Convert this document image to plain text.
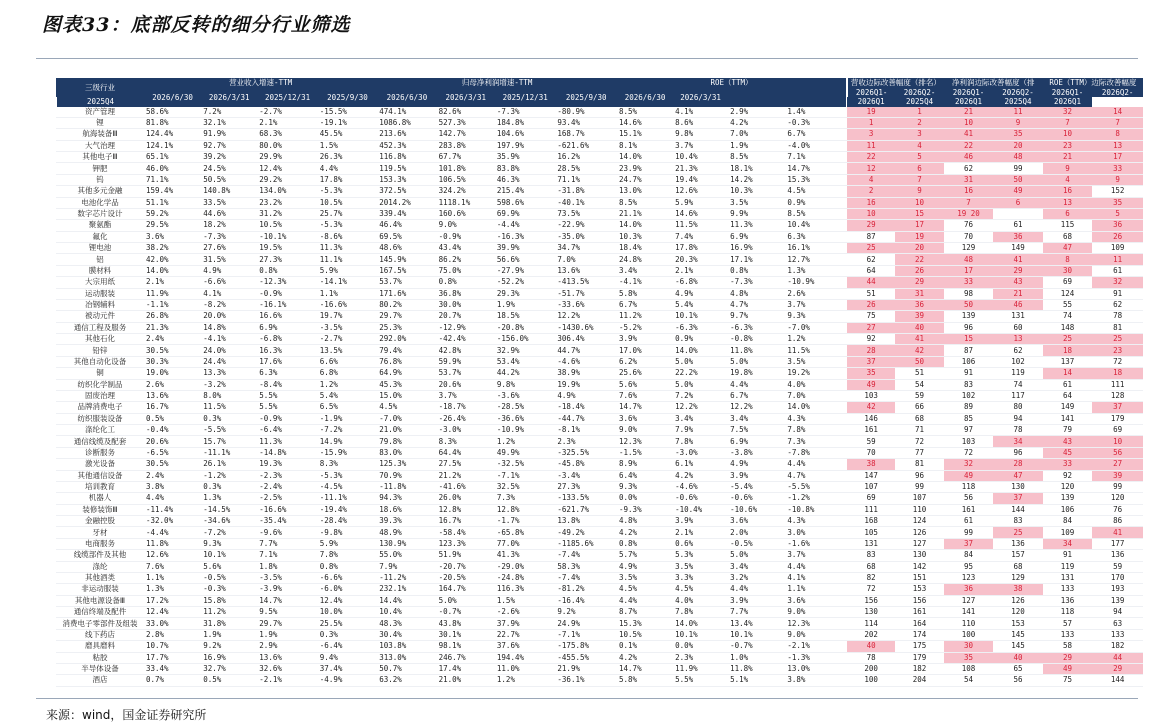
图表33：底部反转的细分行业筛选
三级行业	营业收入增速-TTM				归母净利润增速-TTM				ROE（TTM）				营收边际改善幅度（排名）		净利润边际改善幅度（排		ROE（TTM）边际改善幅度	
	2026/6/30	2026/3/31	2025/12/31	2025/9/30	2026/6/30	2026/3/31	2025/12/31	2025/9/30	2026/6/30	2026/3/31			2026Q1-	2026Q2-	2026Q1-	2026Q2-	2026Q1-	2026Q2-
2025Q4													2026Q1	2025Q4	2026Q1	2025Q4	2026Q1	
资产管理	58.6%	7.2%	-2.7%	-15.5%	474.1%	82.6%	-7.3%	-80.9%	8.5%	4.1%	2.9%	1.4%	19	1	21	11	32	14
锂	81.8%	32.1%	2.1%	-19.1%	1086.8%	527.3%	184.8%	93.4%	14.6%	8.6%	4.2%	-0.3%	1	2	10	9	7	7
航海装备Ⅲ	124.4%	91.9%	68.3%	45.5%	213.6%	142.7%	104.6%	168.7%	15.1%	9.8%	7.0%	6.7%	3	3	41	35	10	8
大气治理	124.1%	92.7%	80.0%	1.5%	452.3%	283.8%	197.9%	-621.6%	8.1%	3.7%	1.9%	-4.0%	11	4	22	20	23	13
其他电子Ⅲ	65.1%	39.2%	29.9%	26.3%	116.8%	67.7%	35.9%	16.2%	14.0%	10.4%	8.5%	7.1%	22	5	46	48	21	17
钾肥	46.0%	24.5%	12.4%	4.4%	119.5%	101.8%	83.8%	28.5%	23.9%	21.3%	18.1%	14.7%	12	6	62	99	9	33
钨	71.1%	50.5%	29.2%	17.8%	153.3%	106.5%	46.3%	71.1%	24.7%	19.4%	14.2%	15.3%	4	7	31	50	4	9
其他多元金融	159.4%	140.8%	134.0%	-5.3%	372.5%	324.2%	215.4%	-31.8%	13.0%	12.6%	10.3%	4.5%	2	9	16	49	16	152
电池化学品	51.1%	33.5%	23.2%	10.5%	2014.2%	1118.1%	598.6%	-40.1%	8.5%	5.9%	3.5%	0.9%	16	10	7	6	13	35
数字芯片设计	59.2%	44.6%	31.2%	25.7%	339.4%	160.6%	69.9%	73.5%	21.1%	14.6%	9.9%	8.5%	10	15	19 20		6	5
聚氨酯	29.5%	18.2%	10.5%	-5.3%	46.4%	9.0%	-4.4%	-22.9%	14.0%	11.5%	11.3%	10.4%	29	17	76	61	115	36
氟化	3.6%	-7.3%	-10.1%	-8.6%	69.5%	-0.9%	-16.3%	-35.0%	10.3%	7.4%	6.9%	6.3%	87	19	70	36	68	26
锂电池	38.2%	27.6%	19.5%	11.3%	48.6%	43.4%	39.9%	34.7%	18.4%	17.8%	16.9%	16.1%	25	20	129	149	47	109
铝	42.0%	31.5%	27.3%	11.1%	145.9%	86.2%	56.6%	7.0%	24.8%	20.3%	17.1%	12.7%	62	22	48	41	8	11
膜材料	14.0%	4.9%	0.8%	5.9%	167.5%	75.0%	-27.9%	13.6%	3.4%	2.1%	0.8%	1.3%	64	26	17	29	30	61
大宗用纸	2.1%	-6.6%	-12.3%	-14.1%	53.7%	0.8%	-52.2%	-413.5%	-4.1%	-6.8%	-7.3%	-10.9%	44	29	33	43	69	32
运动服装	11.9%	4.1%	-0.9%	1.1%	171.6%	36.8%	29.3%	-51.7%	5.8%	4.9%	4.8%	2.6%	51	31	98	21	124	91
冶钢辅料	-1.1%	-8.2%	-16.1%	-16.6%	80.2%	30.0%	1.9%	-33.6%	6.7%	5.4%	4.7%	3.7%	26	36	50	46	55	62
被动元件	26.8%	20.0%	16.6%	19.7%	29.7%	20.7%	18.5%	12.2%	11.2%	10.1%	9.7%	9.3%	75	39	139	131	74	78
通信工程及服务	21.3%	14.8%	6.9%	-3.5%	25.3%	-12.9%	-20.8%	-1430.6%	-5.2%	-6.3%	-6.3%	-7.0%	27	40	96	60	148	81
其他石化	2.4%	-4.1%	-6.8%	-2.7%	292.0%	-42.4%	-156.0%	306.4%	3.9%	0.9%	-0.8%	1.2%	92	41	15	13	25	25
铅锌	30.5%	24.0%	16.3%	13.5%	79.4%	42.8%	32.9%	44.7%	17.0%	14.0%	11.8%	11.5%	28	42	87	62	18	23
其他自动化设备	30.3%	24.4%	17.6%	6.6%	76.8%	59.9%	53.4%	-4.6%	6.2%	5.0%	5.0%	3.5%	37	50	106	102	137	72
铜	19.0%	13.3%	6.3%	6.8%	64.9%	53.7%	44.2%	38.9%	25.6%	22.2%	19.8%	19.2%	35	51	91	119	14	18
纺织化学制品	2.6%	-3.2%	-8.4%	1.2%	45.3%	20.6%	9.8%	19.9%	5.6%	5.0%	4.4%	4.0%	49	54	83	74	61	111
固废治理	13.6%	8.0%	5.5%	5.4%	15.0%	3.7%	-3.6%	4.9%	7.6%	7.2%	6.7%	7.0%	103	59	102	117	64	128
品牌消费电子	16.7%	11.5%	5.5%	6.5%	4.5%	-18.7%	-28.5%	-18.4%	14.7%	12.2%	12.2%	14.0%	42	66	89	80	149	37
纺织服装设备	0.5%	0.3%	-0.9%	-1.9%	-7.0%	-26.4%	-36.6%	-44.7%	3.6%	3.4%	3.4%	4.3%	146	68	85	94	141	179
涤纶化工	-0.4%	-5.5%	-6.4%	-7.2%	21.0%	-3.0%	-10.9%	-8.1%	9.0%	7.9%	7.5%	7.8%	161	71	97	78	79	69
通信线缆及配套	20.6%	15.7%	11.3%	14.9%	79.8%	8.3%	1.2%	2.3%	12.3%	7.8%	6.9%	7.3%	59	72	103	34	43	10
诊断服务	-6.5%	-11.1%	-14.8%	-15.9%	83.0%	64.4%	49.9%	-325.5%	-1.5%	-3.0%	-3.8%	-7.8%	70	77	72	96	45	56
激光设备	30.5%	26.1%	19.3%	8.3%	125.3%	27.5%	-32.5%	-45.8%	8.9%	6.1%	4.9%	4.4%	38	81	32	28	33	27
其他通信设备	2.4%	-1.2%	-2.3%	-5.3%	70.9%	21.2%	-7.1%	-3.4%	6.4%	4.2%	3.9%	4.7%	147	96	49	47	92	39
培训教育	3.8%	0.3%	-2.4%	-4.5%	-11.8%	-41.6%	32.5%	27.3%	9.3%	-4.6%	-5.4%	-5.5%	107	99	118	130	120	99
机器人	4.4%	1.3%	-2.5%	-11.1%	94.3%	26.0%	7.3%	-133.5%	0.0%	-0.6%	-0.6%	-1.2%	69	107	56	37	139	120
装修装饰Ⅲ	-11.4%	-14.5%	-16.6%	-19.4%	18.6%	12.8%	12.8%	-621.7%	-9.3%	-10.4%	-10.6%	-10.8%	111	110	161	144	106	76
金融控股	-32.0%	-34.6%	-35.4%	-28.4%	39.3%	16.7%	-1.7%	13.8%	4.8%	3.9%	3.6%	4.3%	168	124	61	83	84	86
牙材	-4.4%	-7.2%	-9.6%	-9.8%	48.9%	-58.4%	-65.8%	-49.2%	4.2%	2.1%	2.0%	3.0%	105	126	99	25	109	41
电商服务	11.8%	9.3%	7.7%	5.9%	130.9%	123.3%	77.0%	-1185.6%	0.8%	0.6%	-0.5%	-1.6%	131	127	37	136	34	177
线缆部件及其他	12.6%	10.1%	7.1%	7.8%	55.0%	51.9%	41.3%	-7.4%	5.7%	5.3%	5.0%	3.7%	83	130	84	157	91	136
涤纶	7.6%	5.6%	1.8%	0.8%	7.9%	-20.7%	-29.0%	58.3%	4.9%	3.5%	3.4%	4.4%	68	142	95	68	119	59
其他酒类	1.1%	-0.5%	-3.5%	-6.6%	-11.2%	-20.5%	-24.8%	-7.4%	3.5%	3.3%	3.2%	4.1%	82	151	123	129	131	170
非运动服装	1.3%	-0.3%	-3.9%	-6.0%	232.1%	164.7%	116.3%	-81.2%	4.5%	4.5%	4.4%	1.1%	72	153	36	38	133	193
其他电源设备Ⅲ	17.2%	15.8%	14.7%	12.4%	14.4%	5.0%	1.5%	-16.4%	4.4%	4.0%	3.9%	3.6%	156	156	127	126	136	139
通信终端及配件	12.4%	11.2%	9.5%	10.0%	10.4%	-0.7%	-2.6%	9.2%	8.7%	7.8%	7.7%	9.0%	130	161	141	120	118	94
消费电子零部件及组装	33.0%	31.8%	29.7%	25.5%	48.3%	43.8%	37.9%	24.9%	15.3%	14.0%	13.4%	12.3%	114	164	110	153	57	63
线下药店	2.8%	1.9%	1.9%	0.3%	30.4%	30.1%	22.7%	-7.1%	10.5%	10.1%	10.1%	9.0%	202	174	100	145	133	133
磨具磨料	10.7%	9.2%	2.9%	-6.4%	103.8%	98.1%	37.6%	-175.8%	0.1%	0.0%	-0.7%	-2.1%	40	175	30	145	58	182
粘胶	17.7%	16.9%	13.6%	9.4%	313.0%	246.7%	194.4%	-455.5%	4.2%	2.3%	1.0%	-1.3%	78	179	35	40	29	44
半导体设备	33.4%	32.7%	32.6%	37.4%	50.7%	17.4%	11.0%	21.9%	14.7%	11.9%	11.8%	13.0%	200	182	108	65	49	29
酒店	0.7%	0.5%	-2.1%	-4.9%	63.2%	21.0%	1.2%	-36.1%	5.8%	5.5%	5.1%	3.8%	100	204	54	56	75	144
来源：wind，国金证券研究所
